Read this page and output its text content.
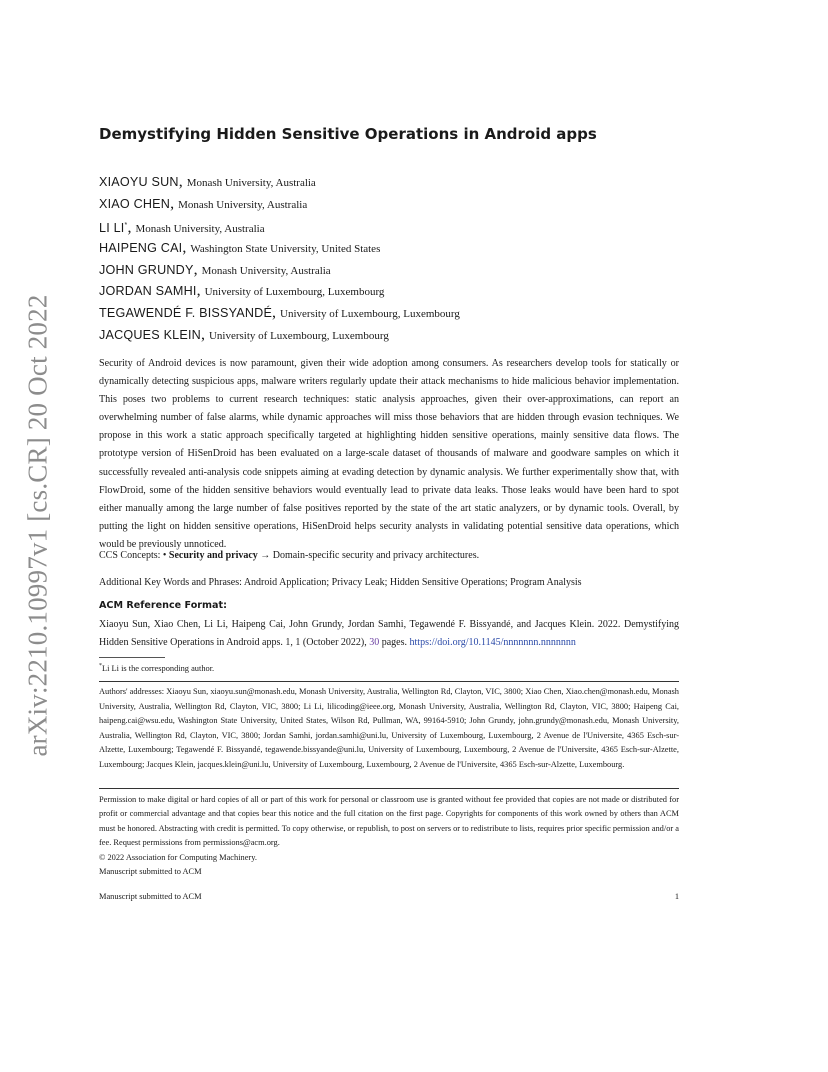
arXiv:2210.10997v1 [cs.CR] 20 Oct 2022
Demystifying Hidden Sensitive Operations in Android apps
XIAOYU SUN, Monash University, Australia
XIAO CHEN, Monash University, Australia
LI LI*, Monash University, Australia
HAIPENG CAI, Washington State University, United States
JOHN GRUNDY, Monash University, Australia
JORDAN SAMHI, University of Luxembourg, Luxembourg
TEGAWENDÉ F. BISSYANDÉ, University of Luxembourg, Luxembourg
JACQUES KLEIN, University of Luxembourg, Luxembourg

Security of Android devices is now paramount, given their wide adoption among consumers. As researchers develop tools for statically or dynamically detecting suspicious apps, malware writers regularly update their attack mechanisms to hide malicious behavior implementation. This poses two problems to current research techniques: static analysis approaches, given their over-approximations, can report an overwhelming number of false alarms, while dynamic approaches will miss those behaviors that are hidden through evasion techniques. We propose in this work a static approach specifically targeted at highlighting hidden sensitive operations, mainly sensitive data flows. The prototype version of HiSenDroid has been evaluated on a large-scale dataset of thousands of malware and goodware samples on which it successfully revealed anti-analysis code snippets aiming at evading detection by dynamic analysis. We further experimentally show that, with FlowDroid, some of the hidden sensitive behaviors would eventually lead to private data leaks. Those leaks would have been hard to spot either manually among the large number of false positives reported by the state of the art static analyzers, or by dynamic tools. Overall, by putting the light on hidden sensitive operations, HiSenDroid helps security analysts in validating potential sensitive data operations, which would be previously unnoticed.

CCS Concepts: • Security and privacy → Domain-specific security and privacy architectures.
Additional Key Words and Phrases: Android Application; Privacy Leak; Hidden Sensitive Operations; Program Analysis
ACM Reference Format:
Xiaoyu Sun, Xiao Chen, Li Li, Haipeng Cai, John Grundy, Jordan Samhi, Tegawendé F. Bissyandé, and Jacques Klein. 2022. Demystifying Hidden Sensitive Operations in Android apps. 1, 1 (October 2022), 30 pages. https://doi.org/10.1145/nnnnnnn.nnnnnnn
*Li Li is the corresponding author.
Authors' addresses: Xiaoyu Sun, xiaoyu.sun@monash.edu, Monash University, Australia, Wellington Rd, Clayton, VIC, 3800; Xiao Chen, Xiao.chen@monash.edu, Monash University, Australia, Wellington Rd, Clayton, VIC, 3800; Li Li, lilicoding@ieee.org, Monash University, Australia, Wellington Rd, Clayton, VIC, 3800; Haipeng Cai, haipeng.cai@wsu.edu, Washington State University, United States, Wilson Rd, Pullman, WA, 99164-5910; John Grundy, john.grundy@monash.edu, Monash University, Australia, Wellington Rd, Clayton, VIC, 3800; Jordan Samhi, jordan.samhi@uni.lu, University of Luxembourg, Luxembourg, 2 Avenue de l'Universite, 4365 Esch-sur-Alzette, Luxembourg; Tegawendé F. Bissyandé, tegawende.bissyande@uni.lu, University of Luxembourg, Luxembourg, 2 Avenue de l'Universite, 4365 Esch-sur-Alzette, Luxembourg; Jacques Klein, jacques.klein@uni.lu, University of Luxembourg, Luxembourg, 2 Avenue de l'Universite, 4365 Esch-sur-Alzette, Luxembourg.
Permission to make digital or hard copies of all or part of this work for personal or classroom use is granted without fee provided that copies are not made or distributed for profit or commercial advantage and that copies bear this notice and the full citation on the first page. Copyrights for components of this work owned by others than ACM must be honored. Abstracting with credit is permitted. To copy otherwise, or republish, to post on servers or to redistribute to lists, requires prior specific permission and/or a fee. Request permissions from permissions@acm.org.
© 2022 Association for Computing Machinery.
Manuscript submitted to ACM
Manuscript submitted to ACM	1
